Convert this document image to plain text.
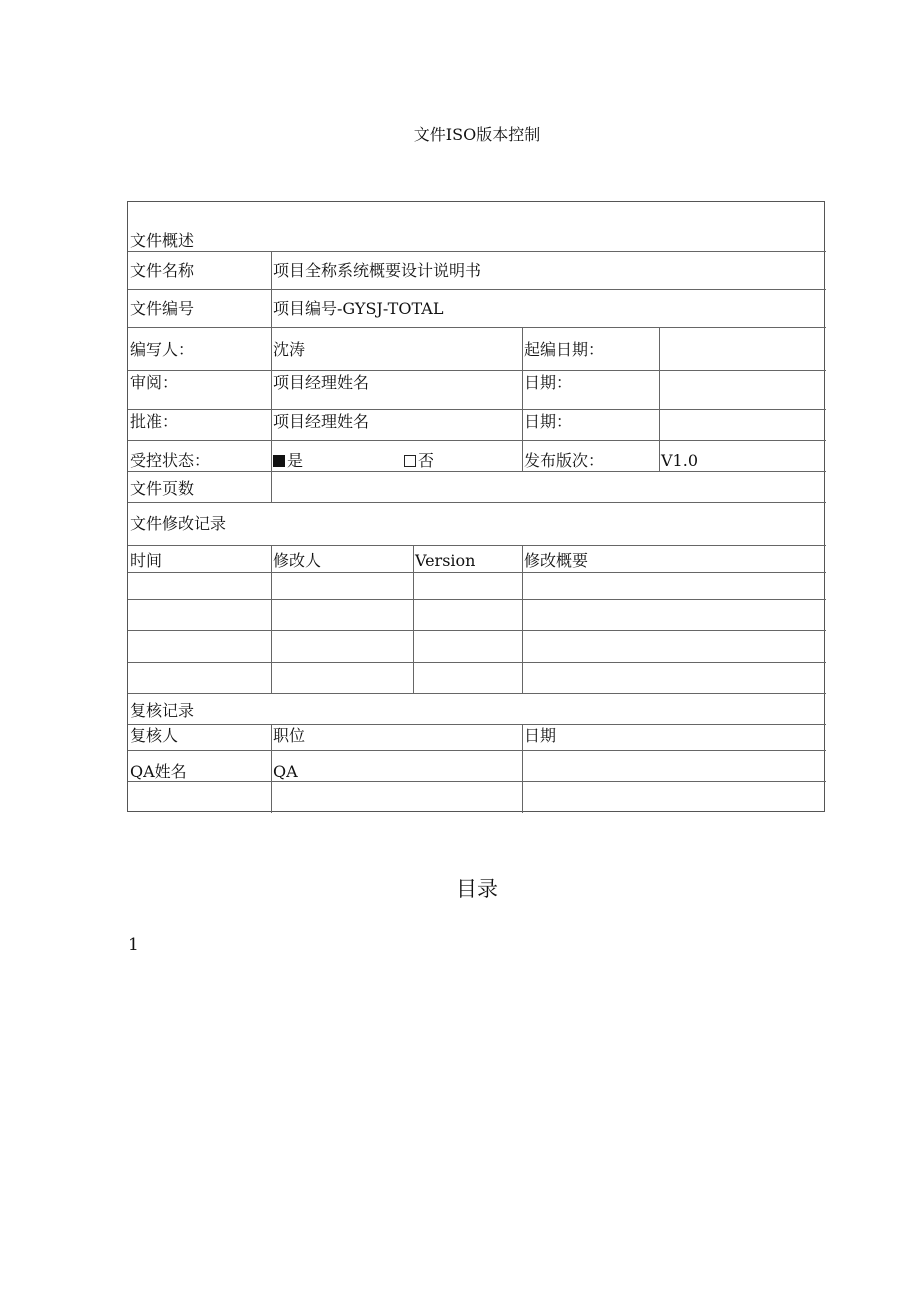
文件ISO版本控制
文件概述
文件名称	项目全称系统概要设计说明书
文件编号	项目编号-GYSJ-TOTAL
编写人：	沈涛	起编日期：
审阅：	项目经理姓名	日期：
批准：	项目经理姓名	日期：
受控状态：	是	否	发布版次：	V1.0
文件页数
文件修改记录
时间	修改人	Version	修改概要
复核记录
复核人	职位	日期
QA姓名	QA
目录
1
